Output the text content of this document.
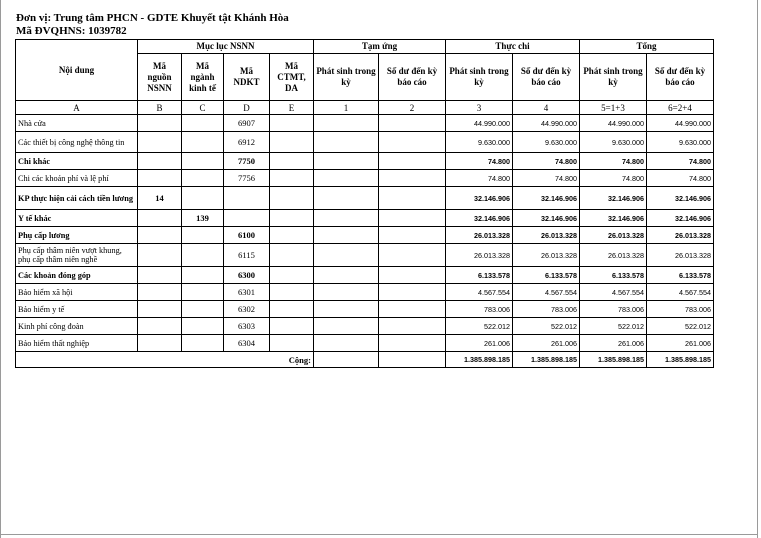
Đơn vị: Trung tâm PHCN - GDTE Khuyết tật Khánh Hòa
Mã ĐVQHNS: 1039782
Nội dung	Mục lục NSNN				Tạm ứng		Thực chi		Tổng	
	Mã nguồn NSNN	Mã ngành kinh tế	Mã NDKT	Mã CTMT, DA	Phát sinh trong kỳ	Số dư đến kỳ báo cáo	Phát sinh trong kỳ	Số dư đến kỳ báo cáo	Phát sinh trong kỳ	Số dư đến kỳ báo cáo
A	B	C	D	E	1	2	3	4	5=1+3	6=2+4
Nhà cửa			6907				44.990.000	44.990.000	44.990.000	44.990.000
Các thiết bị công nghệ thông tin			6912				9.630.000	9.630.000	9.630.000	9.630.000
Chi khác			7750				74.800	74.800	74.800	74.800
Chi các khoản phí và lệ phí			7756				74.800	74.800	74.800	74.800
KP thực hiện cải cách tiền lương	14						32.146.906	32.146.906	32.146.906	32.146.906
Y tế khác		139					32.146.906	32.146.906	32.146.906	32.146.906
Phụ cấp lương			6100				26.013.328	26.013.328	26.013.328	26.013.328
Phụ cấp thâm niên vượt khung, phụ cấp thâm niên nghề			6115				26.013.328	26.013.328	26.013.328	26.013.328
Các khoản đóng góp			6300				6.133.578	6.133.578	6.133.578	6.133.578
Bảo hiểm xã hội			6301				4.567.554	4.567.554	4.567.554	4.567.554
Bảo hiểm y tế			6302				783.006	783.006	783.006	783.006
Kinh phí công đoàn			6303				522.012	522.012	522.012	522.012
Bảo hiểm thất nghiệp			6304				261.006	261.006	261.006	261.006
Cộng:							1.385.898.185	1.385.898.185	1.385.898.185	1.385.898.185
